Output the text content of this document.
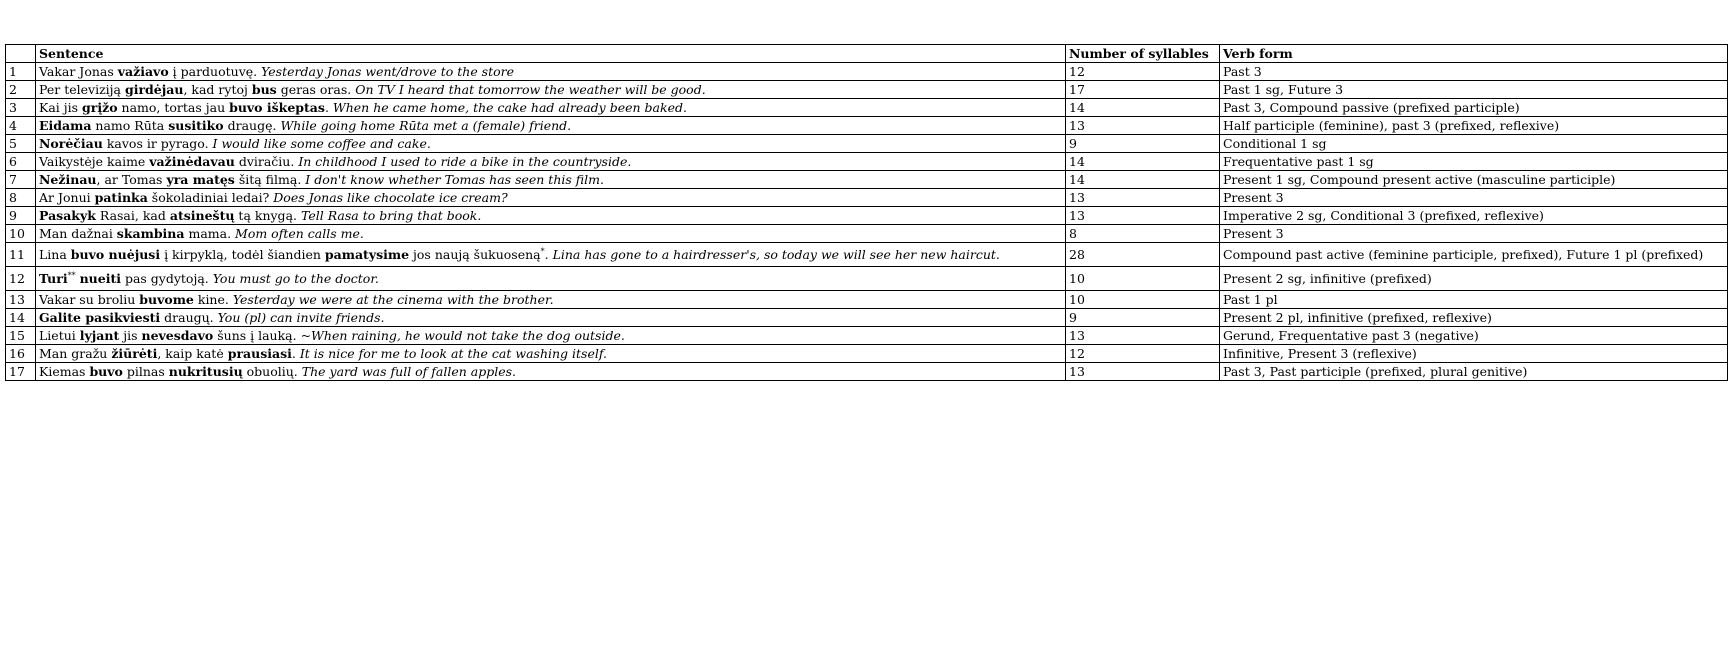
	Sentence	Number of syllables	Verb form
1	Vakar Jonas važiavo į parduotuvę. Yesterday Jonas went/drove to the store	12	Past 3
2	Per televiziją girdėjau, kad rytoj bus geras oras. On TV I heard that tomorrow the weather will be good.	17	Past 1 sg, Future 3
3	Kai jis grįžo namo, tortas jau buvo iškeptas. When he came home, the cake had already been baked.	14	Past 3, Compound passive (prefixed participle)
4	Eidama namo Rūta susitiko draugę. While going home Rūta met a (female) friend.	13	Half participle (feminine), past 3 (prefixed, reflexive)
5	Norėčiau kavos ir pyrago. I would like some coffee and cake.	9	Conditional 1 sg
6	Vaikystėje kaime važinėdavau dviračiu. In childhood I used to ride a bike in the countryside.	14	Frequentative past 1 sg
7	Nežinau, ar Tomas yra matęs šitą filmą. I don't know whether Tomas has seen this film.	14	Present 1 sg, Compound present active (masculine participle)
8	Ar Jonui patinka šokoladiniai ledai? Does Jonas like chocolate ice cream?	13	Present 3
9	Pasakyk Rasai, kad atsineštų tą knygą. Tell Rasa to bring that book.	13	Imperative 2 sg, Conditional 3 (prefixed, reflexive)
10	Man dažnai skambina mama. Mom often calls me.	8	Present 3
11	Lina buvo nuėjusi į kirpyklą, todėl šiandien pamatysime jos naują šukuoseną*. Lina has gone to a hairdresser's, so today we will see her new haircut.	28	Compound past active (feminine participle, prefixed), Future 1 pl (prefixed)
12	Turi** nueiti pas gydytoją. You must go to the doctor.	10	Present 2 sg, infinitive (prefixed)
13	Vakar su broliu buvome kine. Yesterday we were at the cinema with the brother.	10	Past 1 pl
14	Galite pasikviesti draugų. You (pl) can invite friends.	9	Present 2 pl, infinitive (prefixed, reflexive)
15	Lietui lyjant jis nevesdavo šuns į lauką. ~When raining, he would not take the dog outside.	13	Gerund, Frequentative past 3 (negative)
16	Man gražu žiūrėti, kaip katė prausiasi. It is nice for me to look at the cat washing itself.	12	Infinitive, Present 3 (reflexive)
17	Kiemas buvo pilnas nukritusių obuolių. The yard was full of fallen apples.	13	Past 3, Past participle (prefixed, plural genitive)
